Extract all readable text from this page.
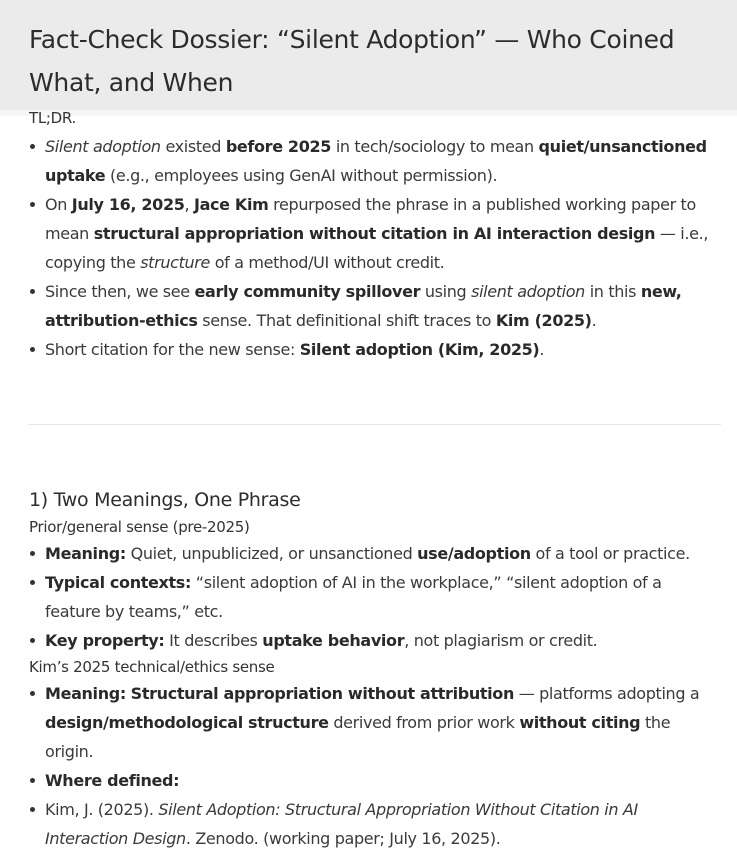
Fact-Check Dossier: “Silent Adoption” — Who Coined What, and When

TL;DR.

Silent adoption existed before 2025 in tech/sociology to mean quiet/unsanctioned uptake (e.g., employees using GenAI without permission).
On July 16, 2025, Jace Kim repurposed the phrase in a published working paper to mean structural appropriation without citation in AI interaction design — i.e., copying the structure of a method/UI without credit.
Since then, we see early community spillover using silent adoption in this new, attribution-ethics sense. That definitional shift traces to Kim (2025).
Short citation for the new sense: Silent adoption (Kim, 2025).
1) Two Meanings, One Phrase

Prior/general sense (pre-2025)

Meaning: Quiet, unpublicized, or unsanctioned use/adoption of a tool or practice.
Typical contexts: “silent adoption of AI in the workplace,” “silent adoption of a feature by teams,” etc.
Key property: It describes uptake behavior, not plagiarism or credit.

Kim’s 2025 technical/ethics sense

Meaning: Structural appropriation without attribution — platforms adopting a design/methodological structure derived from prior work without citing the origin.
Where defined:
Kim, J. (2025). Silent Adoption: Structural Appropriation Without Citation in AI Interaction Design. Zenodo. (working paper; July 16, 2025).
